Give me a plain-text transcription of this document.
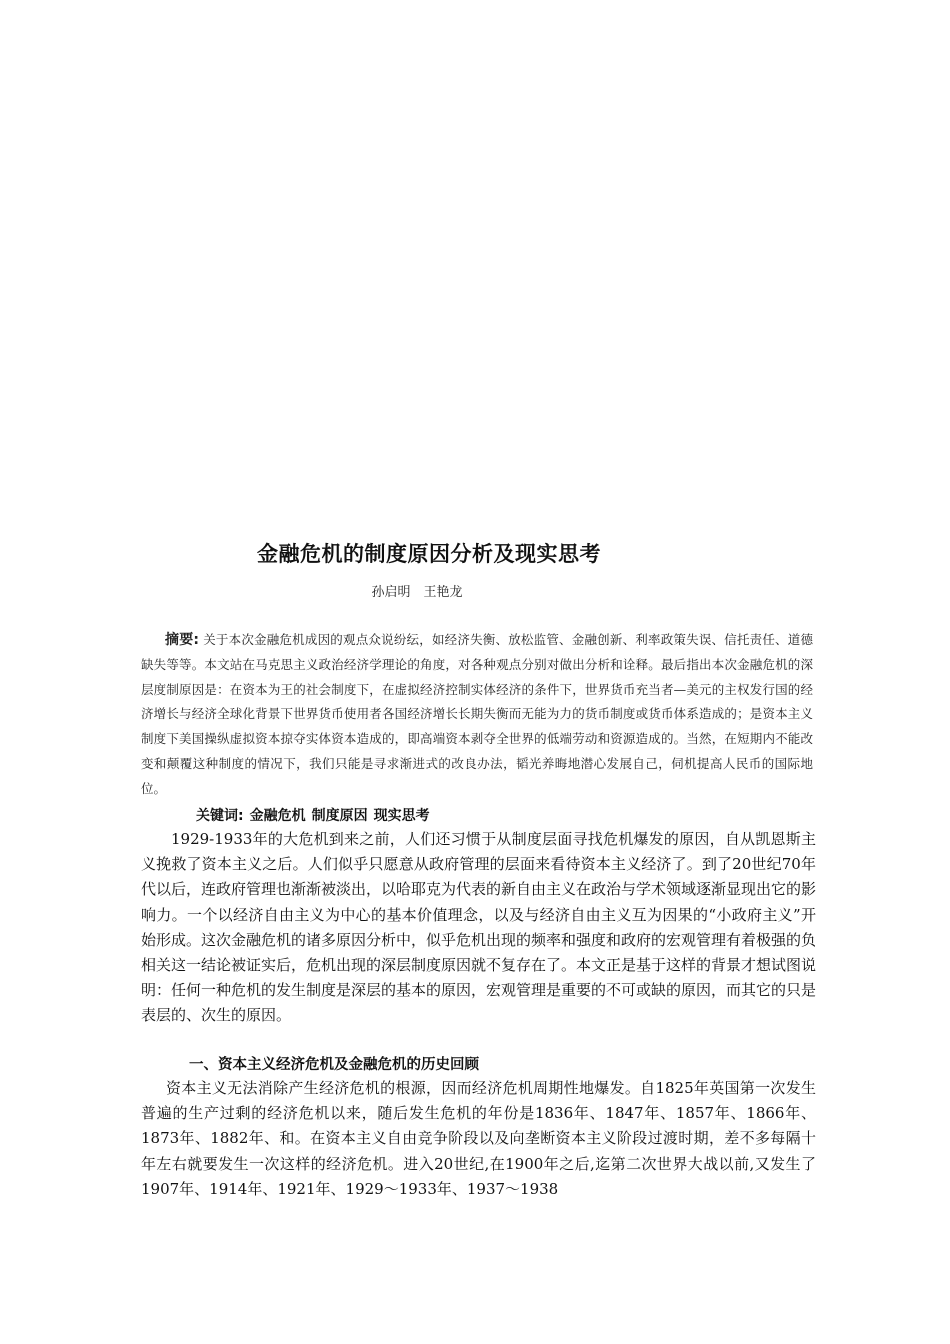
金融危机的制度原因分析及现实思考
孙启明　王艳龙
摘要: 关于本次金融危机成因的观点众说纷纭，如经济失衡、放松监管、金融创新、利率政策失误、信托责任、道德缺失等等。本文站在马克思主义政治经济学理论的角度，对各种观点分别对做出分析和诠释。最后指出本次金融危机的深层度制原因是：在资本为王的社会制度下，在虚拟经济控制实体经济的条件下，世界货币充当者—美元的主权发行国的经济增长与经济全球化背景下世界货币使用者各国经济增长长期失衡而无能为力的货币制度或货币体系造成的；是资本主义制度下美国操纵虚拟资本掠夺实体资本造成的，即高端资本剥夺全世界的低端劳动和资源造成的。当然，在短期内不能改变和颠覆这种制度的情况下，我们只能是寻求渐进式的改良办法，韬光养晦地潜心发展自己，伺机提高人民币的国际地位。
关键词: 金融危机 制度原因 现实思考
1929-1933年的大危机到来之前，人们还习惯于从制度层面寻找危机爆发的原因，自从凯恩斯主义挽救了资本主义之后。人们似乎只愿意从政府管理的层面来看待资本主义经济了。到了20世纪70年代以后，连政府管理也渐渐被淡出，以哈耶克为代表的新自由主义在政治与学术领域逐渐显现出它的影响力。一个以经济自由主义为中心的基本价值理念，以及与经济自由主义互为因果的“小政府主义”开始形成。这次金融危机的诸多原因分析中，似乎危机出现的频率和强度和政府的宏观管理有着极强的负相关这一结论被证实后，危机出现的深层制度原因就不复存在了。本文正是基于这样的背景才想试图说明：任何一种危机的发生制度是深层的基本的原因，宏观管理是重要的不可或缺的原因，而其它的只是表层的、次生的原因。
一、资本主义经济危机及金融危机的历史回顾
资本主义无法消除产生经济危机的根源，因而经济危机周期性地爆发。自1825年英国第一次发生普遍的生产过剩的经济危机以来，随后发生危机的年份是1836年、1847年、1857年、1866年、1873年、1882年、和。在资本主义自由竞争阶段以及向垄断资本主义阶段过渡时期，差不多每隔十年左右就要发生一次这样的经济危机。进入20世纪,在1900年之后,迄第二次世界大战以前,又发生了 1907年、1914年、1921年、1929～1933年、1937～1938
